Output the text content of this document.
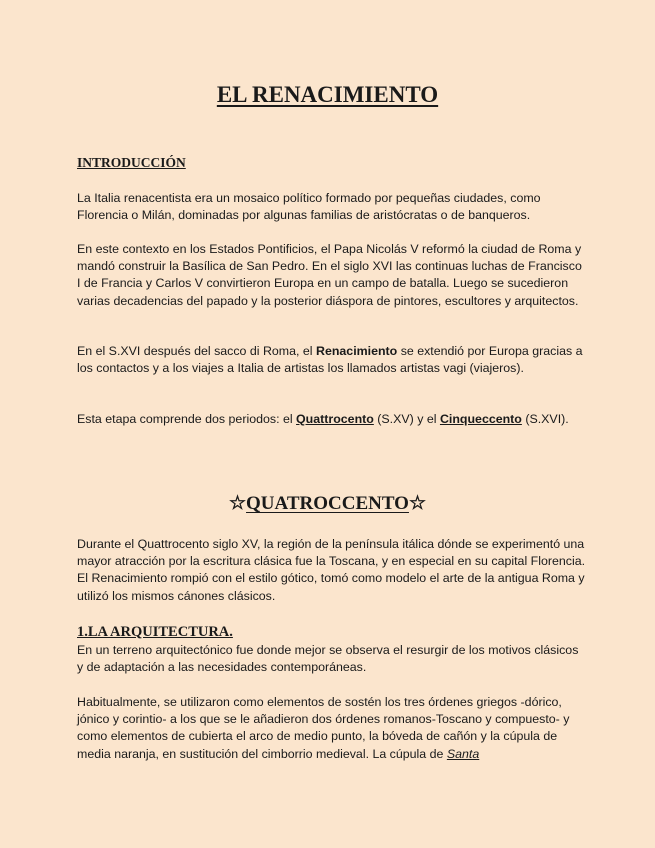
EL RENACIMIENTO
INTRODUCCIÓN

La Italia renacentista era un mosaico político formado por pequeñas ciudades, como Florencia o Milán, dominadas por algunas familias de aristócratas o de banqueros.

En este contexto en los Estados Pontificios, el Papa Nicolás V reformó la ciudad de Roma y mandó construir la Basílica de San Pedro. En el siglo XVI las continuas luchas de Francisco I de Francia y Carlos V convirtieron Europa en un campo de batalla. Luego se sucedieron varias decadencias del papado y la posterior diáspora de pintores, escultores y arquitectos.

En el S.XVI después del sacco di Roma, el Renacimiento se extendió por Europa gracias a los contactos y a los viajes a Italia de artistas los llamados artistas vagi (viajeros).

Esta etapa comprende dos periodos: el Quattrocento (S.XV) y el Cinqueccento (S.XVI).

☆QUATROCCENTO☆

Durante el Quattrocento siglo XV, la región de la península itálica dónde se experimentó una mayor atracción por la escritura clásica fue la Toscana, y en especial en su capital Florencia. El Renacimiento rompió con el estilo gótico, tomó como modelo el arte de la antigua Roma y utilizó los mismos cánones clásicos.

1.LA ARQUITECTURA.

En un terreno arquitectónico fue donde mejor se observa el resurgir de los motivos clásicos y de adaptación a las necesidades contemporáneas.

Habitualmente, se utilizaron como elementos de sostén los tres órdenes griegos -dórico, jónico y corintio- a los que se le añadieron dos órdenes romanos-Toscano y compuesto- y como elementos de cubierta el arco de medio punto, la bóveda de cañón y la cúpula de media naranja, en sustitución del cimborrio medieval. La cúpula de Santa
